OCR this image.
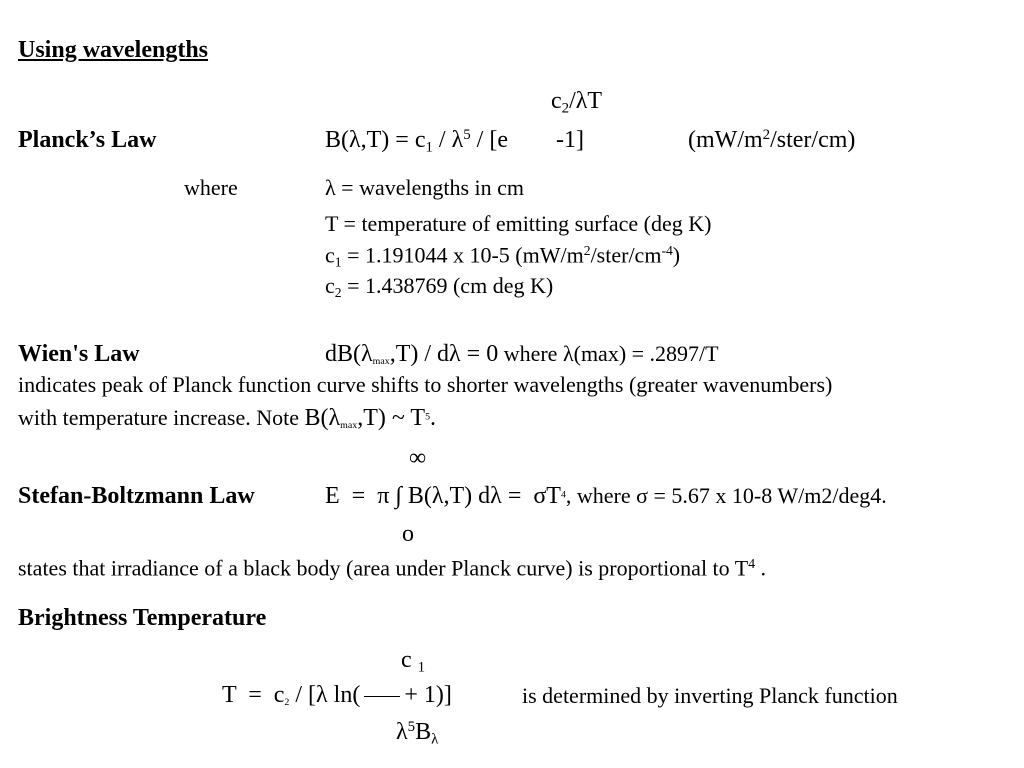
Using wavelengths
$c_2/\lambda T$
Planck’s Law	$B(\lambda,T) = c_1 / \lambda^5 / [e$        -1]	$(mW/m^2/ster/cm)$
where	λ = wavelengths in cm
T = temperature of emitting surface (deg K)
$c_1 = 1.191044$ x 10-5 $(mW/m^2/ster/cm^{-4})$
$c_2 = 1.438769$ (cm deg K)
Wien's Law	$dB(\lambda_{max},T) / d\lambda = 0$ where λ(max) = .2897/T
indicates peak of Planck function curve shifts to shorter wavelengths (greater wavenumbers)
with temperature increase. Note $B(\lambda_{max},T)$ ~ $T^5$.
∞
Stefan-Boltzmann Law	E  =  π ∫ B(λ,T) $d\lambda = \sigma T^4$, where σ = 5.67 x 10-8 W/m2/deg4.
o
states that irradiance of a black body (area under Planck curve) is proportional to $T^4$ .
Brightness Temperature
c $_1$
$T = c_2 / [\lambda$ ln( + 1)]	is determined by inverting Planck function
$\lambda^5B_\lambda$
